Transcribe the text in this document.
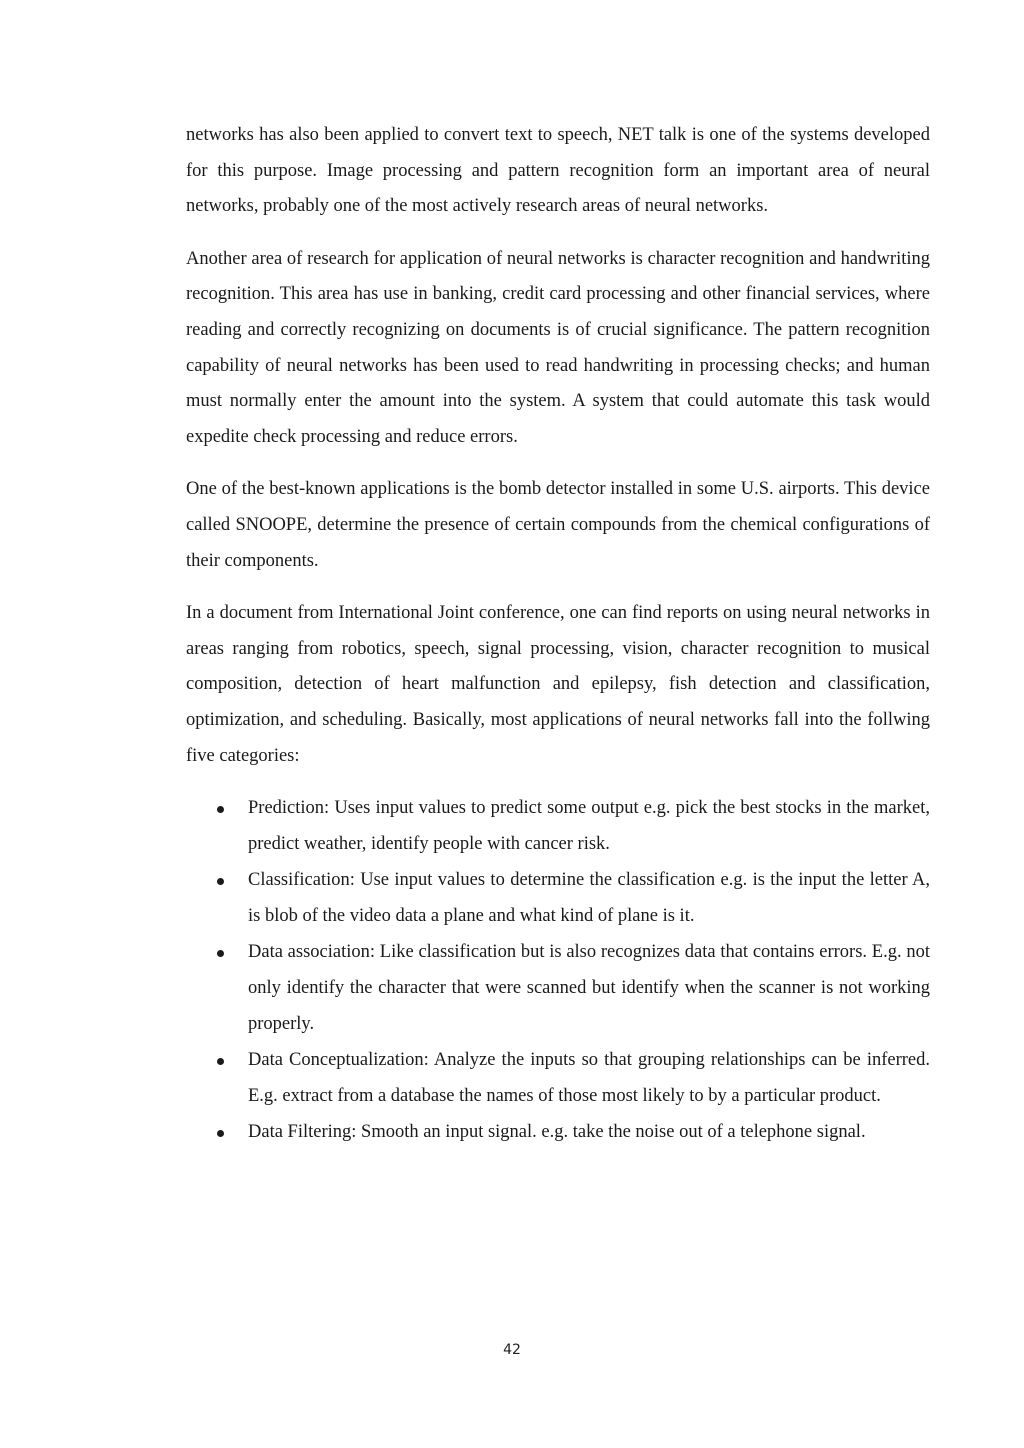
networks has also been applied to convert text to speech, NET talk is one of the systems developed for this purpose. Image processing and pattern recognition form an important area of neural networks, probably one of the most actively research areas of neural networks.

Another area of research for application of neural networks is character recognition and handwriting recognition. This area has use in banking, credit card processing and other financial services, where reading and correctly recognizing on documents is of crucial significance. The pattern recognition capability of neural networks has been used to read handwriting in processing checks; and human must normally enter the amount into the system. A system that could automate this task would expedite check processing and reduce errors.

One of the best-known applications is the bomb detector installed in some U.S. airports. This device called SNOOPE, determine the presence of certain compounds from the chemical configurations of their components.

In a document from International Joint conference, one can find reports on using neural networks in areas ranging from robotics, speech, signal processing, vision, character recognition to musical composition, detection of heart malfunction and epilepsy, fish detection and classification, optimization, and scheduling. Basically, most applications of neural networks fall into the follwing five categories:

Prediction: Uses input values to predict some output e.g. pick the best stocks in the market, predict weather, identify people with cancer risk.
Classification: Use input values to determine the classification e.g. is the input the letter A, is blob of the video data a plane and what kind of plane is it.
Data association: Like classification but is also recognizes data that contains errors. E.g. not only identify the character that were scanned but identify when the scanner is not working properly.
Data Conceptualization: Analyze the inputs so that grouping relationships can be inferred. E.g. extract from a database the names of those most likely to by a particular product.
Data Filtering: Smooth an input signal. e.g. take the noise out of a telephone signal.
42
